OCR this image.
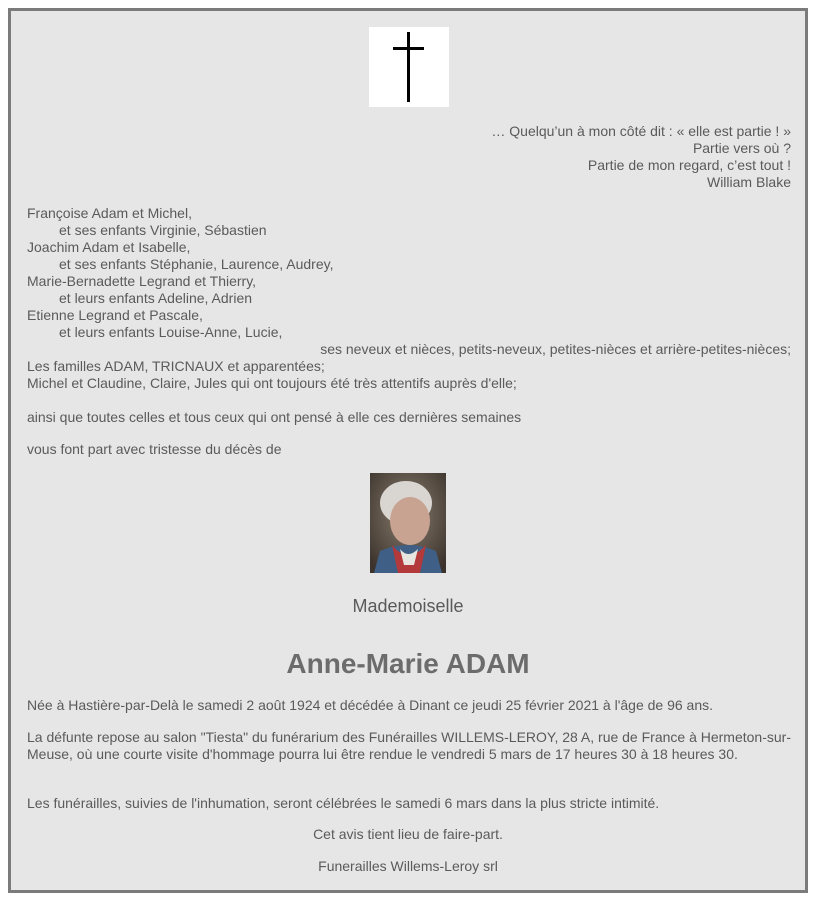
… Quelqu’un à mon côté dit : « elle est partie ! »
Partie vers où ?
Partie de mon regard, c’est tout !
William Blake
Françoise Adam et Michel,
et ses enfants Virginie, Sébastien
Joachim Adam et Isabelle,
et ses enfants Stéphanie, Laurence, Audrey,
Marie-Bernadette Legrand et Thierry,
et leurs enfants Adeline, Adrien
Etienne Legrand et Pascale,
et leurs enfants Louise-Anne, Lucie,
ses neveux et nièces, petits-neveux, petites-nièces et arrière-petites-nièces;
Les familles ADAM, TRICNAUX et apparentées;
Michel et Claudine, Claire, Jules qui ont toujours été très attentifs auprès d'elle;
ainsi que toutes celles et tous ceux qui ont pensé à elle ces dernières semaines
vous font part avec tristesse du décès de
Mademoiselle
Anne-Marie ADAM
Née à Hastière-par-Delà le samedi 2 août 1924 et décédée à Dinant ce jeudi 25 février 2021 à l'âge de 96 ans.
La défunte repose au salon "Tiesta" du funérarium des Funérailles WILLEMS-LEROY, 28 A, rue de France à Hermeton-sur-Meuse, où une courte visite d'hommage pourra lui être rendue le vendredi 5 mars de 17 heures 30 à 18 heures 30.
Les funérailles, suivies de l'inhumation, seront célébrées le samedi 6 mars dans la plus stricte intimité.
Cet avis tient lieu de faire-part.
Funerailles Willems-Leroy srl
